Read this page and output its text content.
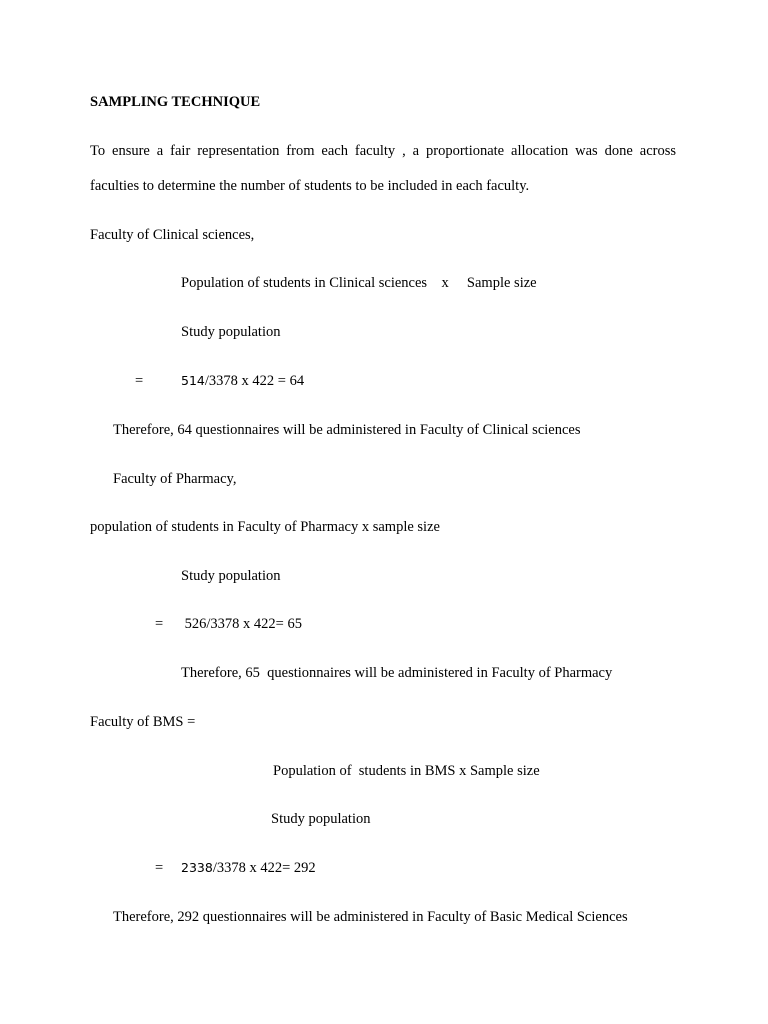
SAMPLING TECHNIQUE
To ensure a fair representation from each faculty , a proportionate allocation was done across
faculties to determine the number of students to be included in each faculty.
Faculty of Clinical sciences,
Population of students in Clinical sciences    x     Sample size
Study population
=	514/3378 x 422 = 64
Therefore, 64 questionnaires will be administered in Faculty of Clinical sciences
Faculty of Pharmacy,
population of students in Faculty of Pharmacy x sample size
Study population
= 526/3378 x 422= 65
Therefore, 65  questionnaires will be administered in Faculty of Pharmacy
Faculty of BMS =
Population of  students in BMS x Sample size
Study population
= 2338/3378 x 422= 292
Therefore, 292 questionnaires will be administered in Faculty of Basic Medical Sciences
